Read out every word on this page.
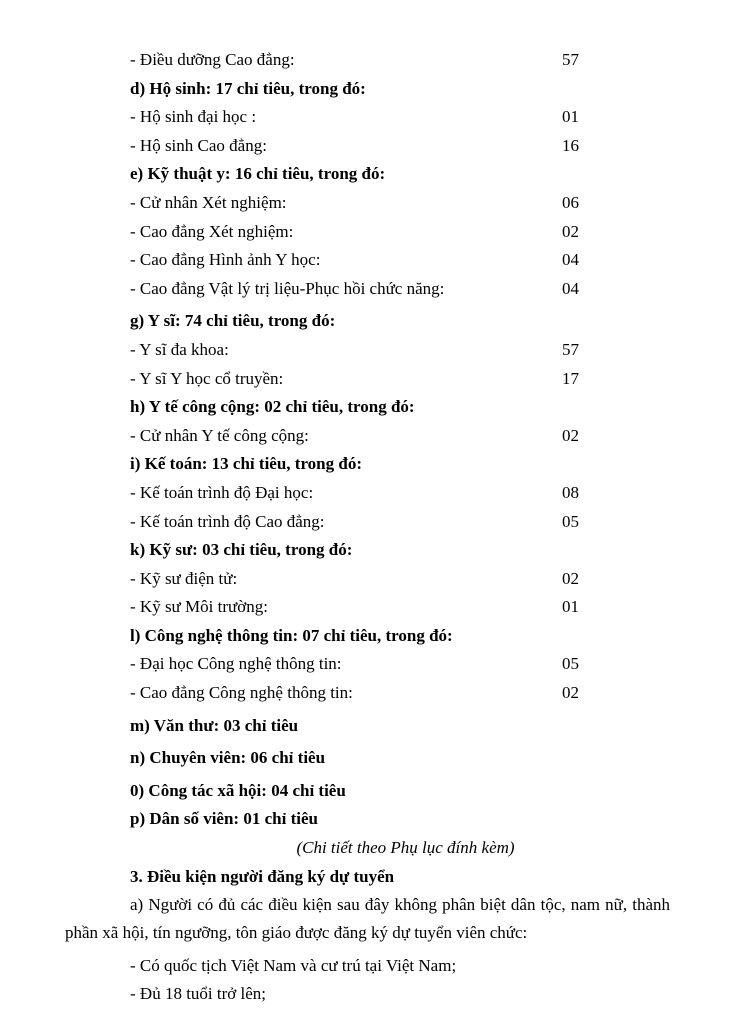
- Điều dưỡng Cao đẳng:	57
d) Hộ sinh: 17 chỉ tiêu, trong đó:
- Hộ sinh đại học :	01
- Hộ sinh Cao đẳng:	16
e) Kỹ thuật y: 16 chỉ tiêu, trong đó:
- Cử nhân Xét nghiệm:	06
- Cao đẳng Xét nghiệm:	02
- Cao đẳng Hình ảnh Y học:	04
- Cao đẳng Vật lý trị liệu-Phục hồi chức năng:	04
g) Y sĩ: 74 chỉ tiêu, trong đó:
- Y sĩ đa khoa:	57
- Y sĩ Y học cổ truyền:	17
h) Y tế công cộng: 02 chỉ tiêu, trong đó:
- Cử nhân Y tế công cộng:	02
i) Kế toán: 13 chỉ tiêu, trong đó:
- Kế toán trình độ Đại học:	08
- Kế toán trình độ Cao đẳng:	05
k) Kỹ sư: 03 chỉ tiêu, trong đó:
- Kỹ sư điện tử:	02
- Kỹ sư Môi trường:	01
l) Công nghệ thông tin: 07 chỉ tiêu, trong đó:
- Đại học Công nghệ thông tin:	05
- Cao đẳng Công nghệ thông tin:	02
m) Văn thư: 03 chỉ tiêu
n) Chuyên viên: 06 chỉ tiêu
0) Công tác xã hội: 04 chỉ tiêu
p) Dân số viên: 01 chỉ tiêu
(Chi tiết theo Phụ lục đính kèm)
3. Điều kiện người đăng ký dự tuyển
a) Người có đủ các điều kiện sau đây không phân biệt dân tộc, nam nữ, thành phần xã hội, tín ngưỡng, tôn giáo được đăng ký dự tuyển viên chức:
- Có quốc tịch Việt Nam và cư trú tại Việt Nam;
- Đủ 18 tuổi trở lên;
